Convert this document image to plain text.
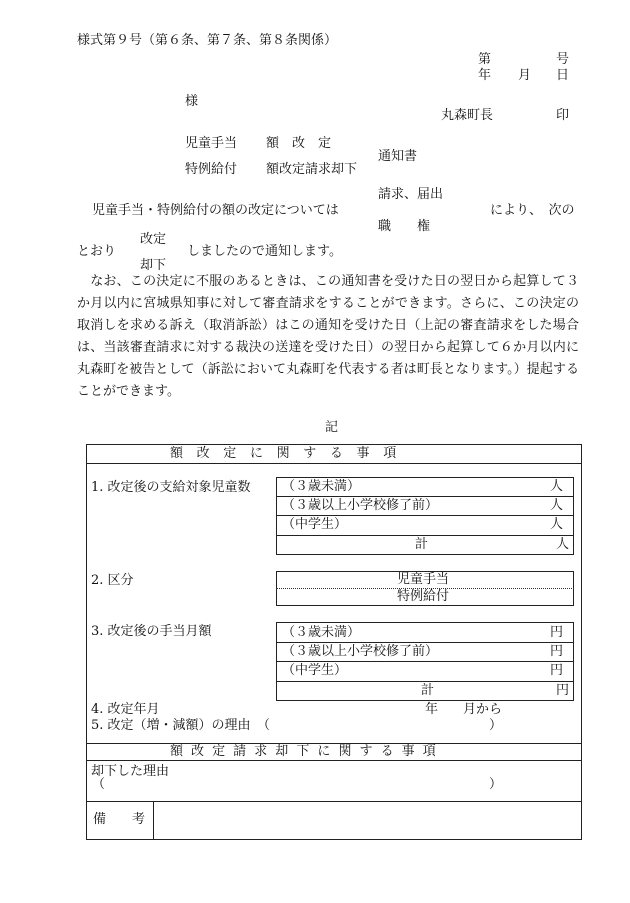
様式第９号（第６条、第７条、第８条関係）
第	号
年 月 日
様
丸森町長	印
児童手当 額　改　定
通知書
特例給付 額改定請求却下
請求、届出
児童手当・特例給付の額の改定については	により、　次の
職　　権
改定
とおり	しましたので通知します。
却下
　なお、この決定に不服のあるときは、この通知書を受けた日の翌日から起算して３か月以内に宮城県知事に対して審査請求をすることができます。さらに、この決定の取消しを求める訴え（取消訴訟）はこの通知を受けた日（上記の審査請求をした場合は、当該審査請求に対する裁決の送達を受けた日）の翌日から起算して６か月以内に丸森町を被告として（訴訟において丸森町を代表する者は町長となります。）提起することができます。
記
額改定に関する事項
1. 改定後の支給対象児童数 （３歳未満）	人
（３歳以上小学校修了前）	人
（中学生）	人
計	人
2. 区分	児童手当
特例給付
3. 改定後の手当月額	（３歳未満）	円
（３歳以上小学校修了前）	円
（中学生）	円
計	円
4. 改定年月	年 月から
5. 改定（増・減額）の理由　（	）
額改定請求却下に関する事項
却下した理由
（	）
備　　考
